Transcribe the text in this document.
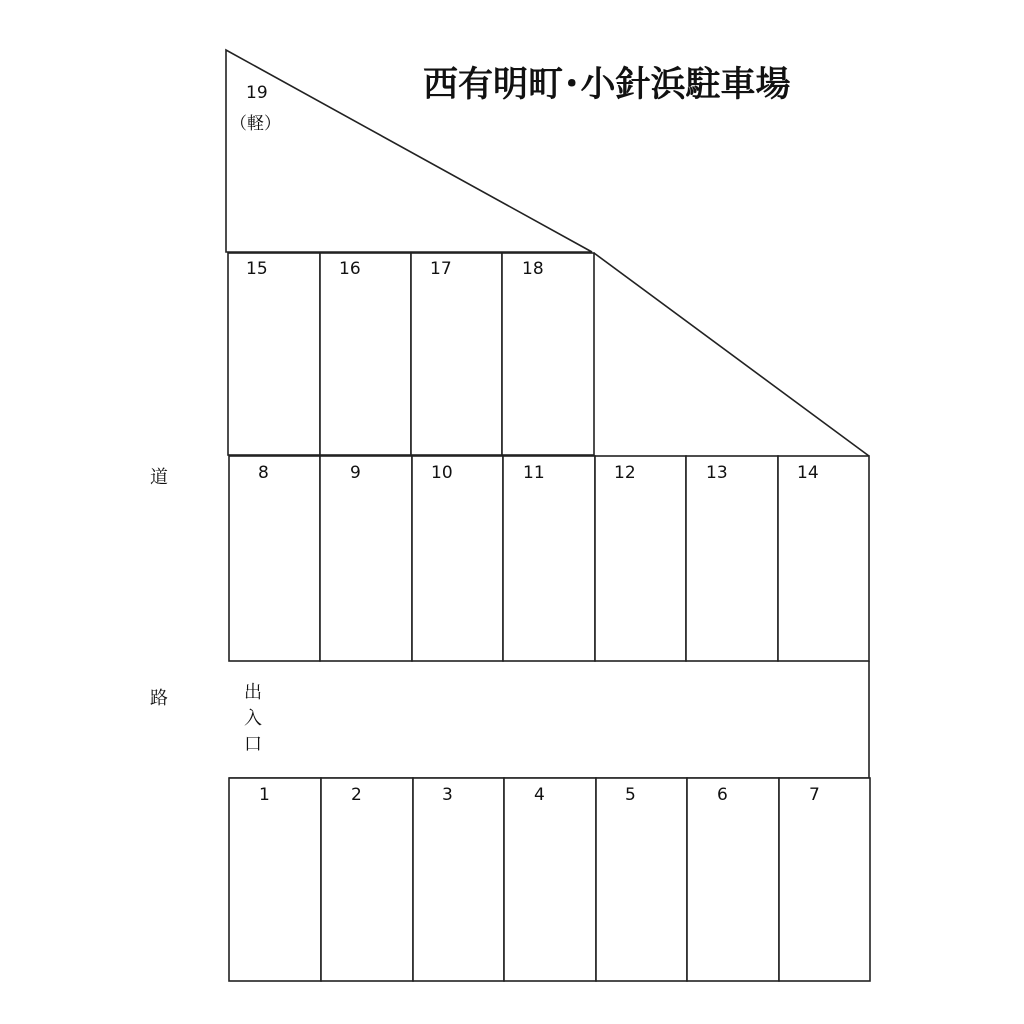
西有明町･小針浜駐車場
19
（軽）
15	16	17	18
8	9	10	11	12	13	14
1	2	3	4	5	6	7
道
路	出
入
口
